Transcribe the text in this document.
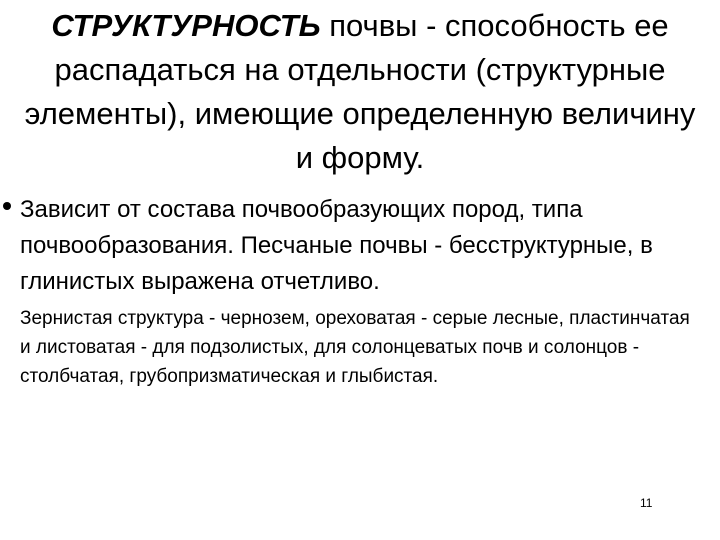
СТРУКТУРНОСТЬ почвы - способность ее распадаться на отдельности (структурные элементы), имеющие определенную величину и форму.

Зависит от состава почвообразующих пород, типа почвообразования. Песчаные почвы - бесструктурные, в глинистых выражена отчетливо.

Зернистая структура - чернозем, ореховатая - серые лесные, пластинчатая и листоватая - для подзолистых, для солонцеватых почв и солонцов - столбчатая, грубопризматическая и глыбистая.

11
